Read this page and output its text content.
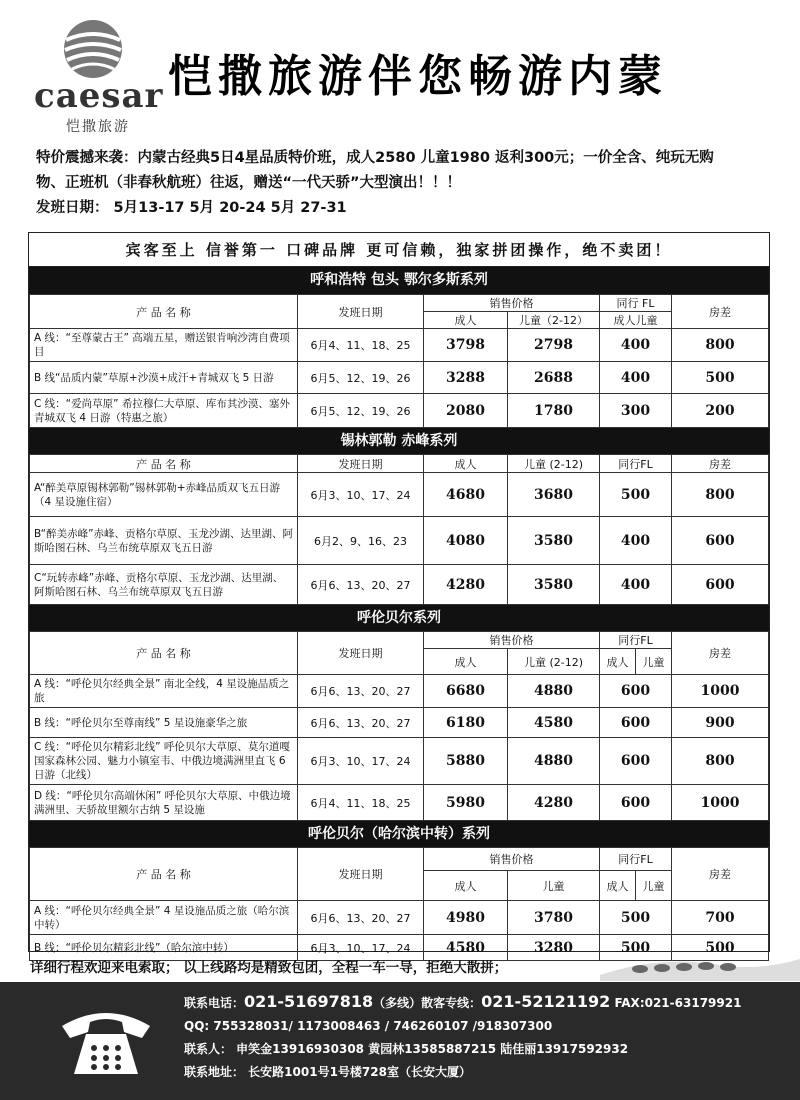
caesar
恺撒旅游
恺撒旅游伴您畅游内蒙
特价震撼来袭：内蒙古经典5日4星品质特价班，成人2580 儿童1980 返利300元；一价全含、纯玩无购
物、正班机（非春秋航班）往返，赠送“一代天骄”大型演出！！！
发班日期： 5月13-17 5月 20-24 5月 27-31
宾客至上 信誉第一 口碑品牌 更可信赖，独家拼团操作，绝不卖团！
呼和浩特 包头 鄂尔多斯系列
产 品 名 称	发班日期	销售价格		同行 FL	房差
		成人	儿童（2-12）	成人儿童	
A 线：“至尊蒙古王” 高端五星，赠送银肯响沙湾自费项目	6月4、11、18、25	3798	2798	400	800
B 线“品质内蒙”草原+沙漠+成汗+青城双飞 5 日游	6月5、12、19、26	3288	2688	400	500
C 线：“爱尚草原” 希拉穆仁大草原、库布其沙漠、塞外青城双飞 4 日游（特惠之旅）	6月5、12、19、26	2080	1780	300	200
锡林郭勒 赤峰系列
产 品 名 称	发班日期	成人	儿童 (2-12)	同行FL	房差
A“醉美草原锡林郭勒”锡林郭勒+赤峰品质双飞五日游（4 星设施住宿）	6月3、10、17、24	4680	3680	500	800
B“醉美赤峰”赤峰、贡格尔草原、玉龙沙湖、达里湖、阿斯哈图石林、乌兰布统草原双飞五日游	6月2、9、16、23	4080	3580	400	600
C“玩转赤峰”赤峰、贡格尔草原、玉龙沙湖、达里湖、阿斯哈图石林、乌兰布统草原双飞五日游	6月6、13、20、27	4280	3580	400	600
呼伦贝尔系列
产 品 名 称	发班日期	销售价格		同行FL		房差
		成人	儿童 (2-12)	成人	儿童	
A 线：“呼伦贝尔经典全景” 南北全线，4 星设施品质之旅	6月6、13、20、27	6680	4880	600		1000
B 线：“呼伦贝尔至尊南线” 5 星设施豪华之旅	6月6、13、20、27	6180	4580	600		900
C 线：“呼伦贝尔精彩北线” 呼伦贝尔大草原、莫尔道嘎国家森林公园、魅力小镇室韦、中俄边境满洲里直飞 6 日游（北线）	6月3、10、17、24	5880	4880	600		800
D 线：“呼伦贝尔高端休闲” 呼伦贝尔大草原、中俄边境满洲里、天骄故里额尔古纳 5 星设施	6月4、11、18、25	5980	4280	600		1000
呼伦贝尔（哈尔滨中转）系列
产 品 名 称	发班日期	销售价格		同行FL		房差
		成人	儿童	成人	儿童	
A 线：“呼伦贝尔经典全景” 4 星设施品质之旅（哈尔滨中转）	6月6、13、20、27	4980	3780	500		700
B 线：“呼伦贝尔精彩北线”（哈尔滨中转）	6月3、10、17、24	4580	3280	500		500
详细行程欢迎来电索取； 以上线路均是精致包团，全程一车一导，拒绝大散拼；
联系电话：021-51697818（多线）散客专线：021-52121192 FAX:021-63179921
QQ: 755328031/ 1173008463 / 746260107 /918307300
联系人： 申笑金13916930308 黄园林13585887215 陆佳丽13917592932
联系地址： 长安路1001号1号楼728室（长安大厦）
